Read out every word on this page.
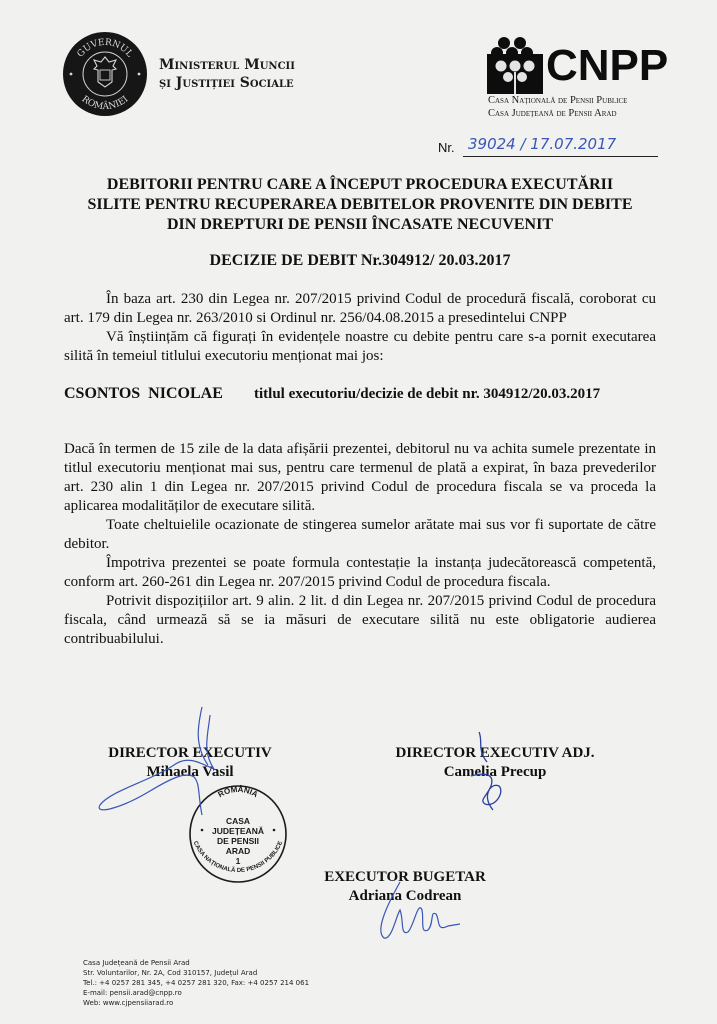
GUVERNUL
ROMÂNIEI
Ministerul Muncii
și Justiției Sociale	CNPP
Casa Națională de Pensii Publice
Casa Județeană de Pensii Arad
Nr. 39024 / 17.07.2017
DEBITORII PENTRU CARE A ÎNCEPUT PROCEDURA EXECUTĂRII
SILITE PENTRU RECUPERAREA DEBITELOR PROVENITE DIN DEBITE
DIN DREPTURI DE PENSII ÎNCASATE NECUVENIT
DECIZIE DE DEBIT Nr.304912/ 20.03.2017

În baza art. 230 din Legea nr. 207/2015 privind Codul de procedură fiscală, coroborat cu art. 179 din Legea nr. 263/2010 si Ordinul nr. 256/04.08.2015 a presedintelui CNPP

Vă înștiințăm că figurați în evidențele noastre cu debite pentru care s-a pornit executarea silită în temeiul titlului executoriu menționat mai jos:

CSONTOS  NICOLAE	titlul executoriu/decizie de debit nr. 304912/20.03.2017

Dacă în termen de 15 zile de la data afișării prezentei, debitorul nu va achita sumele prezentate in titlul executoriu menționat mai sus, pentru care termenul de plată a expirat, în baza prevederilor art. 230 alin 1 din Legea nr. 207/2015 privind Codul de procedura fiscala se va proceda la aplicarea modalităților de executare silită.

Toate cheltuielile ocazionate de stingerea sumelor arătate mai sus vor fi suportate de către debitor.

Împotriva prezentei se poate formula contestație la instanța judecătorească competentă, conform art. 260-261 din Legea nr. 207/2015 privind Codul de procedura fiscala.

Potrivit dispozițiilor art. 9 alin. 2 lit. d din Legea nr. 207/2015 privind Codul de procedura fiscala, când urmează să se ia măsuri de executare silită nu este obligatorie audierea contribuabilului.

DIRECTOR EXECUTIV
Mihaela Vasil
DIRECTOR EXECUTIV ADJ.
Camelia Precup
EXECUTOR BUGETAR
Adriana Codrean
ROMÂNIA
CASA NAȚIONALĂ DE PENSII PUBLICE
CASA
JUDEȚEANĂ
DE PENSII
ARAD
1
Casa Județeană de Pensii Arad
Str. Voluntarilor, Nr. 2A, Cod 310157, Județul Arad
Tel.: +4 0257 281 345, +4 0257 281 320, Fax: +4 0257 214 061
E-mail: pensii.arad@cnpp.ro
Web: www.cjpensiiarad.ro
